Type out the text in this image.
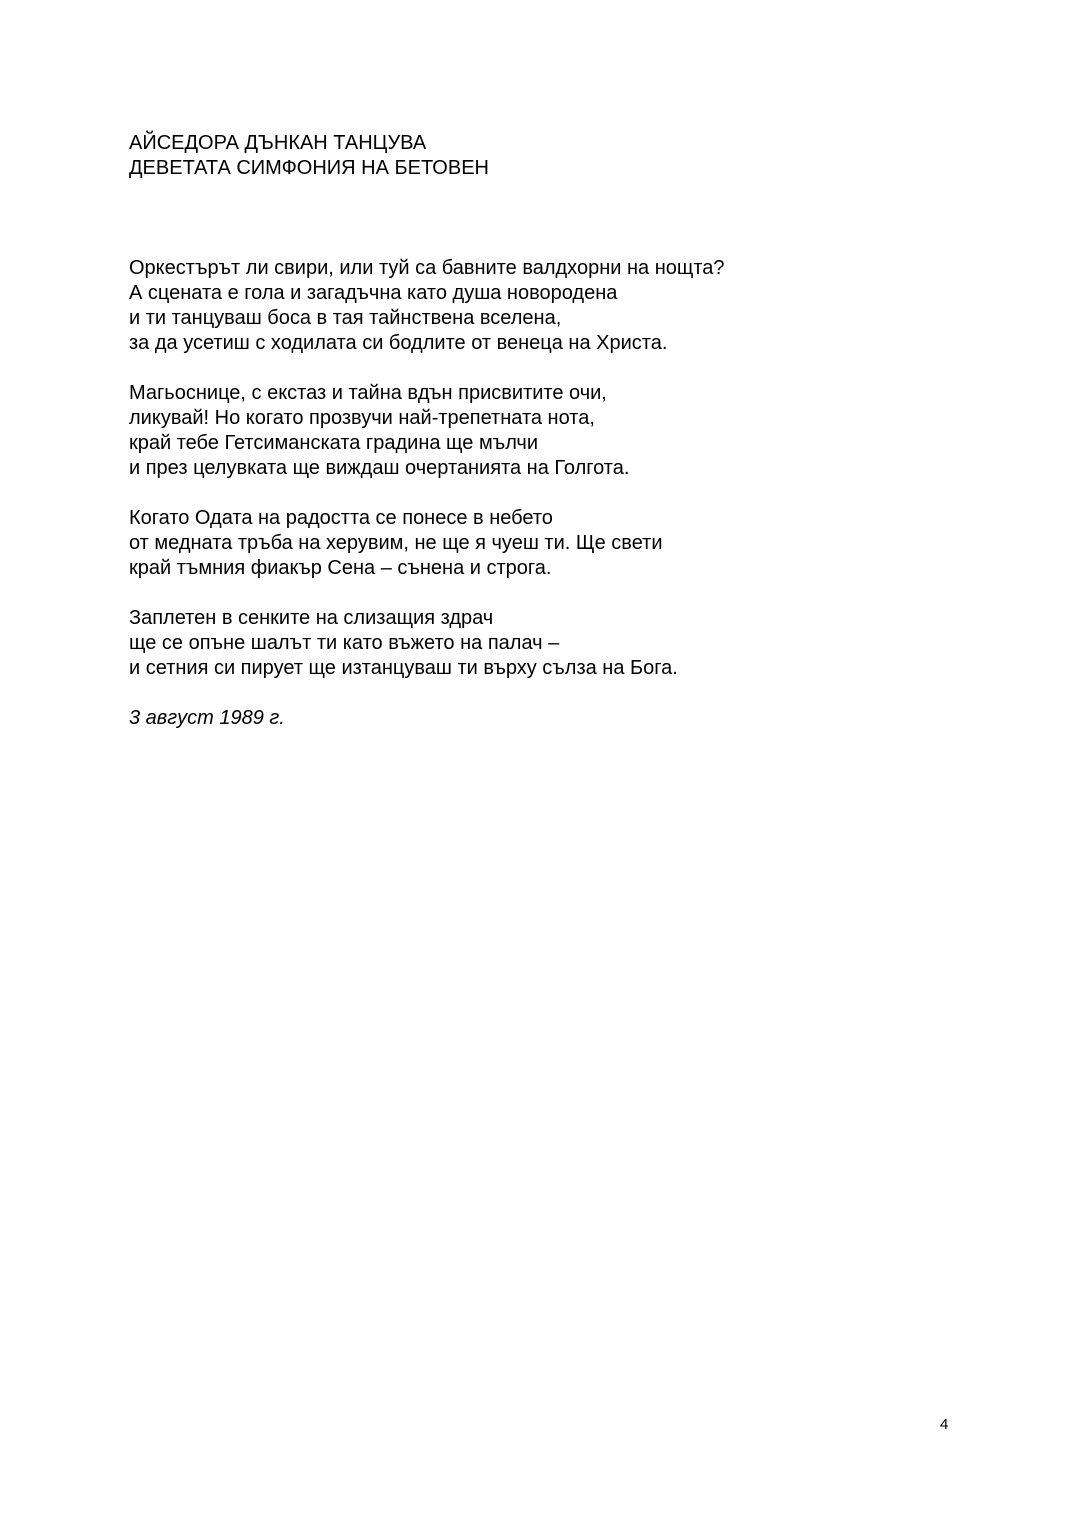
АЙСЕДОРА ДЪНКАН ТАНЦУВА
ДЕВЕТАТА СИМФОНИЯ НА БЕТОВЕН
Оркестърът ли свири, или туй са бавните валдхорни на нощта?
А сцената е гола и загадъчна като душа новородена
и ти танцуваш боса в тая тайнствена вселена,
за да усетиш с ходилата си бодлите от венеца на Христа.
Магьоснице, с екстаз и тайна вдън присвитите очи,
ликувай! Но когато прозвучи най-трепетната нота,
край тебе Гетсиманската градина ще мълчи
и през целувката ще виждаш очертанията на Голгота.
Когато Одата на радостта се понесе в небето
от медната тръба на херувим, не ще я чуеш ти. Ще свети
край тъмния фиакър Сена – сънена и строга.
Заплетен в сенките на слизащия здрач
ще се опъне шалът ти като въжето на палач –
и сетния си пирует ще изтанцуваш ти върху сълза на Бога.
3 август 1989 г.
4
